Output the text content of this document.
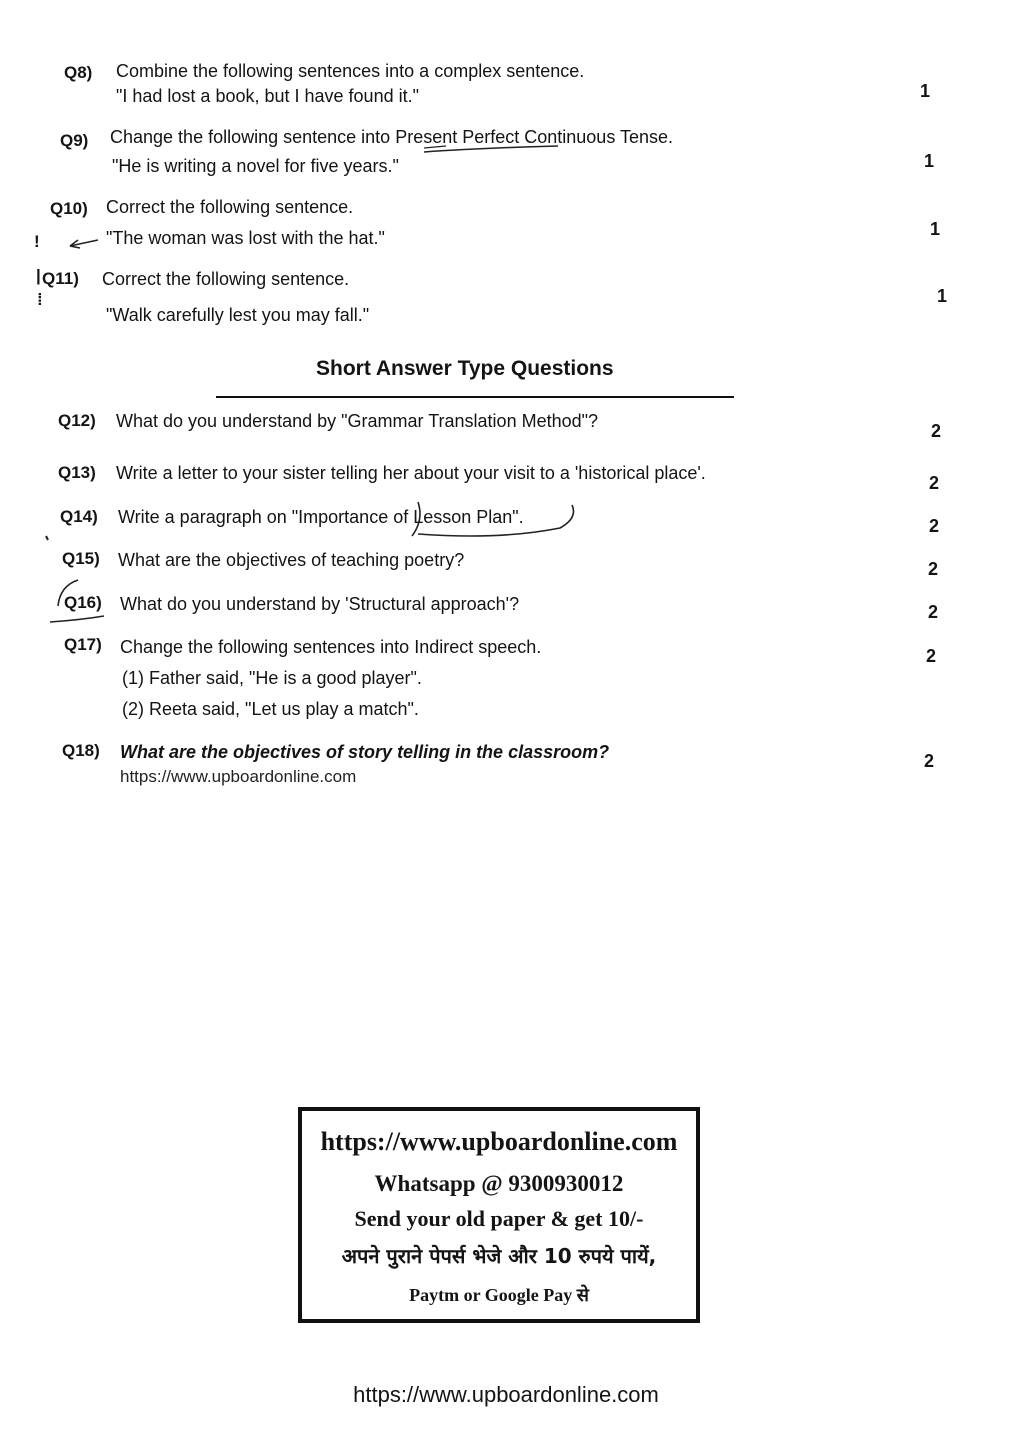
Q8) Combine the following sentences into a complex sentence.
"I had lost a book, but I have found it."	1
Q9) Change the following sentence into Present Perfect Continuous Tense.
"He is writing a novel for five years."	1
Q10) Correct the following sentence.
"The woman was lost with the hat."	1
Q11) Correct the following sentence.
"Walk carefully lest you may fall."
1
!
|
⁞
Short Answer Type Questions
Q12) What do you understand by "Grammar Translation Method"?	2
Q13) Write a letter to your sister telling her about your visit to a 'historical place'.	2
Q14) Write a paragraph on "Importance of Lesson Plan".	2
Q15) What are the objectives of teaching poetry?	2
Q16) What do you understand by 'Structural approach'?	2
Q17) Change the following sentences into Indirect speech.
(1) Father said, "He is a good player".
(2) Reeta said, "Let us play a match".
2
Q18) What are the objectives of story telling in the classroom?	2
https://www.upboardonline.com
https://www.upboardonline.com
Whatsapp @ 9300930012
Send your old paper & get 10/-
अपने पुराने पेपर्स भेजे और 10 रुपये पायें,
Paytm or Google Pay से
https://www.upboardonline.com
